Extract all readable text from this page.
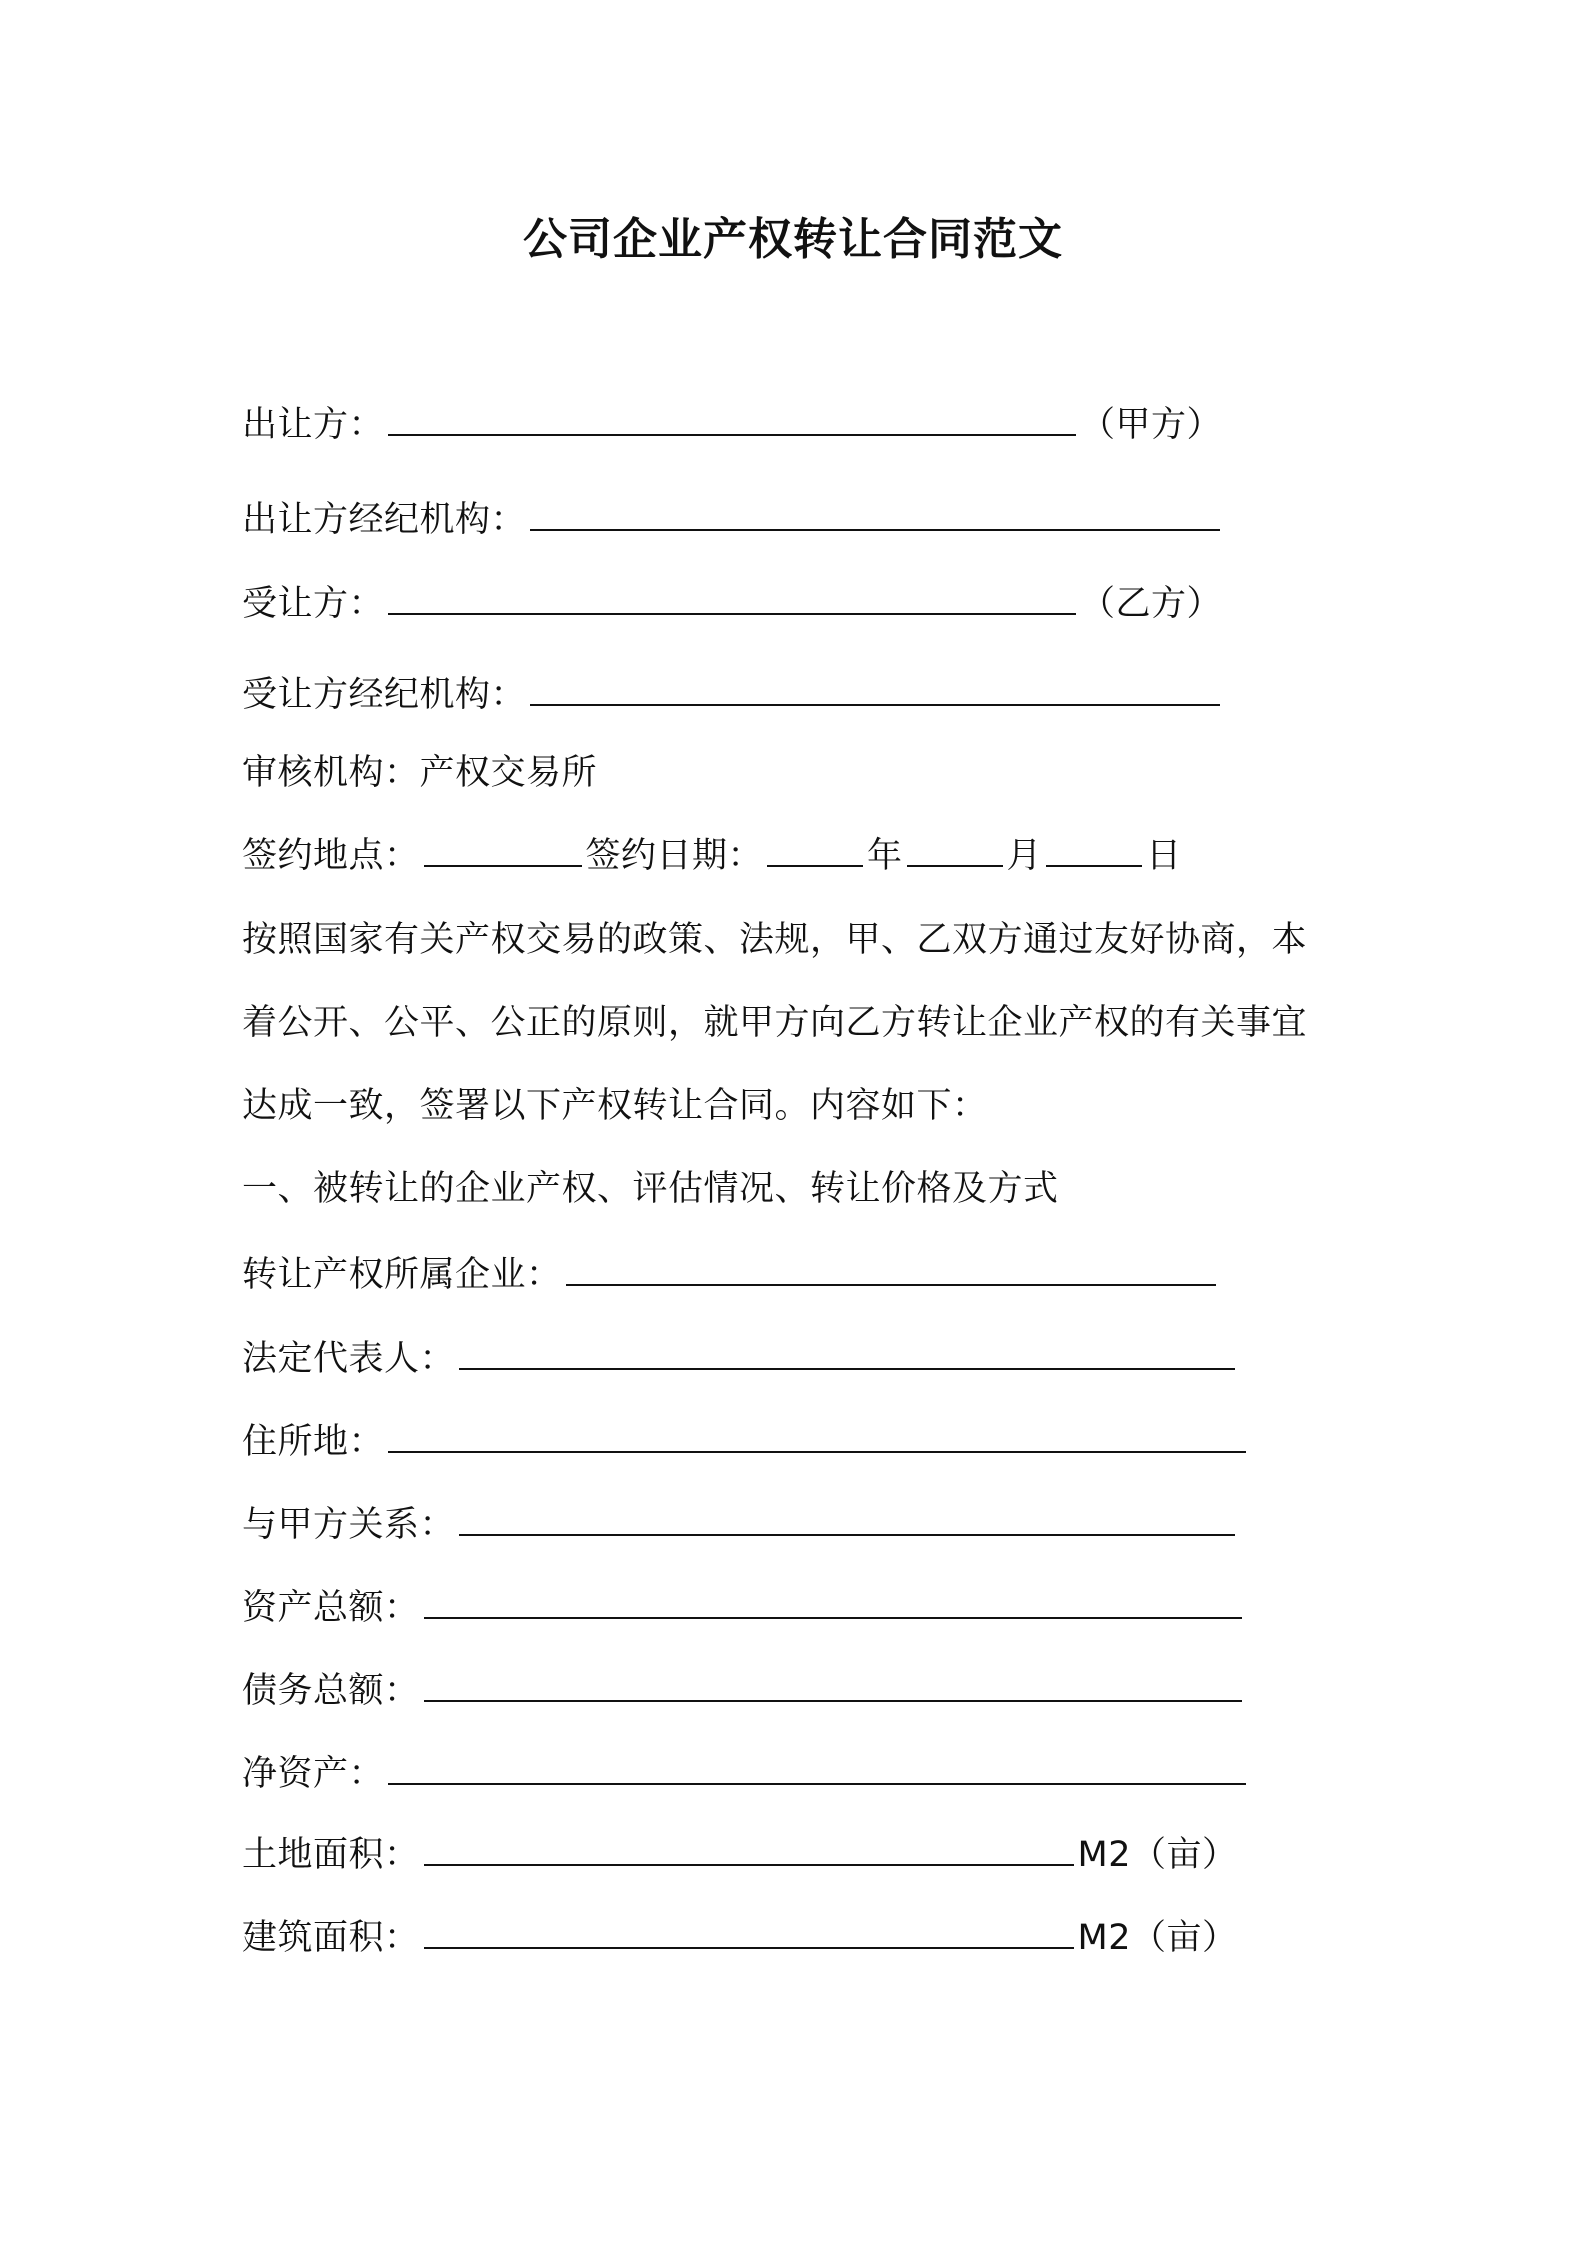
公司企业产权转让合同范文
出让方：	（甲方）
出让方经纪机构：
受让方：	（乙方）
受让方经纪机构：
审核机构：产权交易所
签约地点：	签约日期：	年	月	日
按照国家有关产权交易的政策、法规，甲、乙双方通过友好协商，本
着公开、公平、公正的原则，就甲方向乙方转让企业产权的有关事宜
达成一致，签署以下产权转让合同。内容如下：
一、被转让的企业产权、评估情况、转让价格及方式
转让产权所属企业：
法定代表人：
住所地：
与甲方关系：
资产总额：
债务总额：
净资产：
土地面积：	M2（亩）
建筑面积：	M2（亩）
